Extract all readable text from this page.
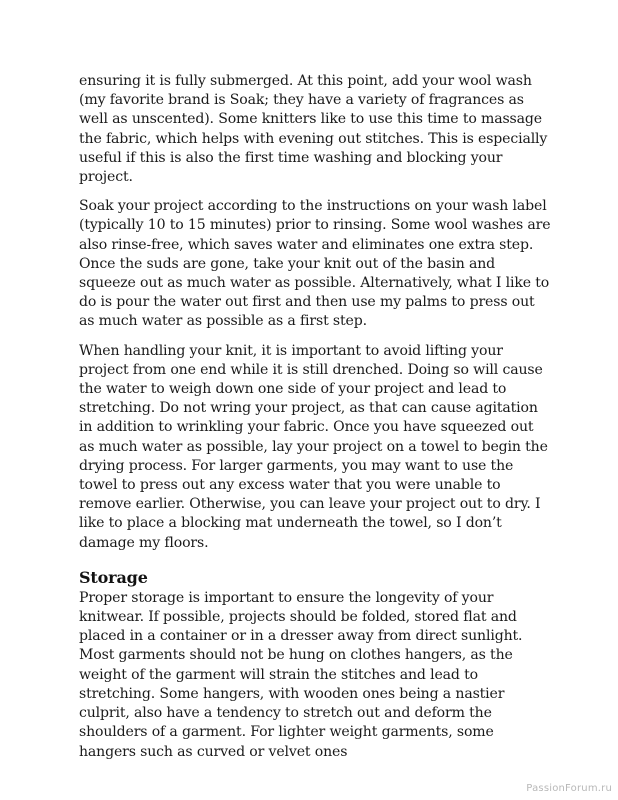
ensuring it is fully submerged. At this point, add your wool wash (my favorite brand is Soak; they have a variety of fragrances as well as unscented). Some knitters like to use this time to massage the fabric, which helps with evening out stitches. This is especially useful if this is also the first time washing and blocking your project.

Soak your project according to the instructions on your wash label (typically 10 to 15 minutes) prior to rinsing. Some wool washes are also rinse-free, which saves water and eliminates one extra step. Once the suds are gone, take your knit out of the basin and squeeze out as much water as possible. Alternatively, what I like to do is pour the water out first and then use my palms to press out as much water as possible as a first step.

When handling your knit, it is important to avoid lifting your project from one end while it is still drenched. Doing so will cause the water to weigh down one side of your project and lead to stretching. Do not wring your project, as that can cause agitation in addition to wrinkling your fabric. Once you have squeezed out as much water as possible, lay your project on a towel to begin the drying process. For larger garments, you may want to use the towel to press out any excess water that you were unable to remove earlier. Otherwise, you can leave your project out to dry. I like to place a blocking mat underneath the towel, so I don’t damage my floors.

Storage

Proper storage is important to ensure the longevity of your knitwear. If possible, projects should be folded, stored flat and placed in a container or in a dresser away from direct sunlight. Most garments should not be hung on clothes hangers, as the weight of the garment will strain the stitches and lead to stretching. Some hangers, with wooden ones being a nastier culprit, also have a tendency to stretch out and deform the shoulders of a garment. For lighter weight garments, some hangers such as curved or velvet ones

PassionForum.ru
